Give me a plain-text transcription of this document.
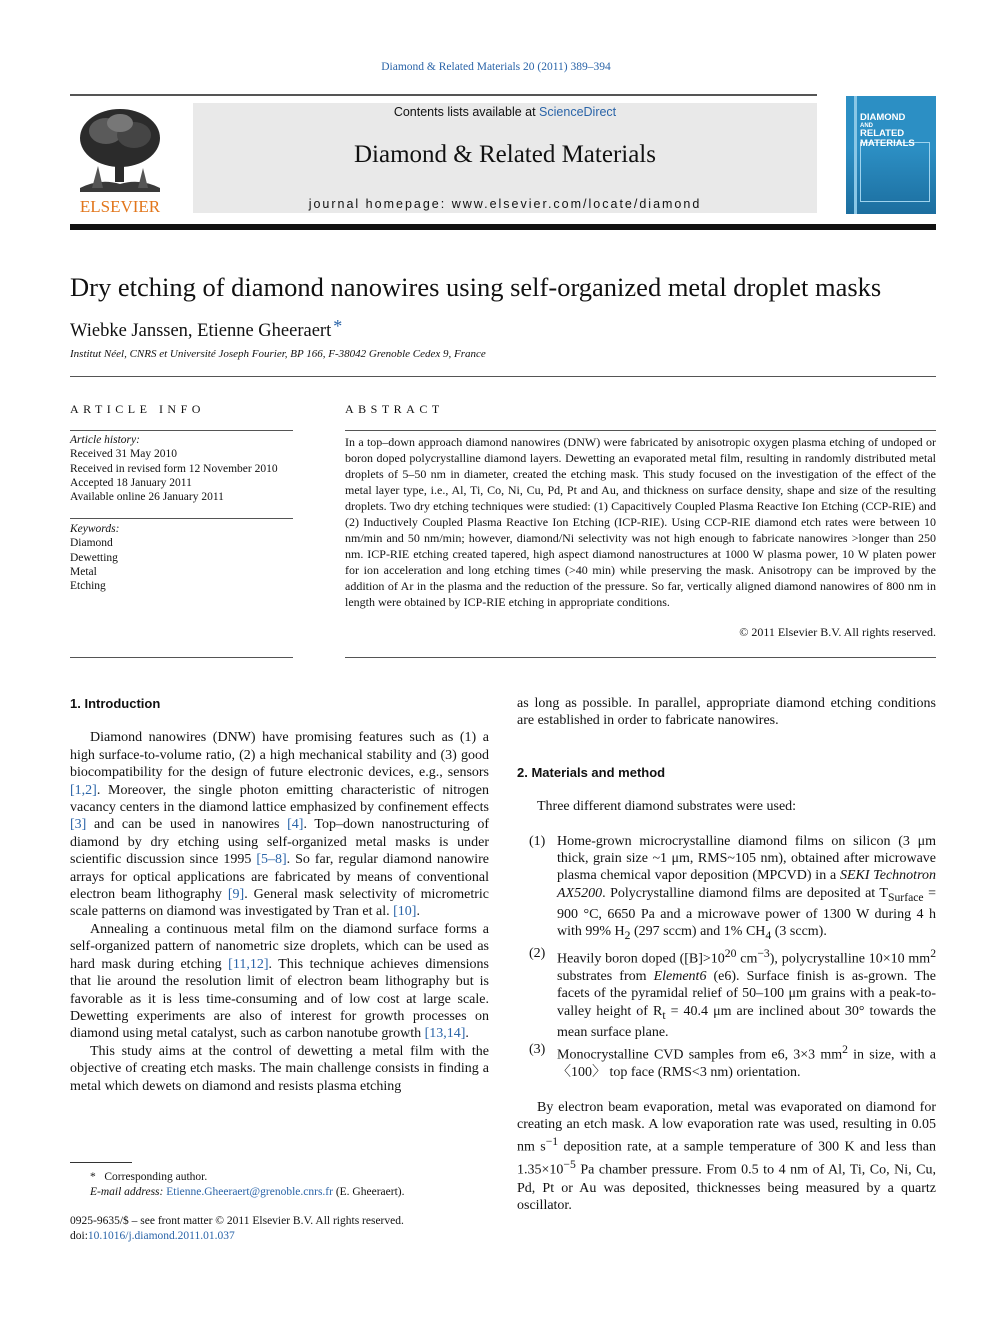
Diamond & Related Materials 20 (2011) 389–394
ELSEVIER
Contents lists available at ScienceDirect
Diamond & Related Materials
journal homepage: www.elsevier.com/locate/diamond
DIAMOND
AND
RELATED
MATERIALS
Dry etching of diamond nanowires using self-organized metal droplet masks
Wiebke Janssen, Etienne Gheeraert *
Institut Néel, CNRS et Université Joseph Fourier, BP 166, F-38042 Grenoble Cedex 9, France
ARTICLE INFO	ABSTRACT
Article history:
Received 31 May 2010
Received in revised form 12 November 2010
Accepted 18 January 2011
Available online 26 January 2011
Keywords:
Diamond
Dewetting
Metal
Etching
In a top–down approach diamond nanowires (DNW) were fabricated by anisotropic oxygen plasma etching of undoped or boron doped polycrystalline diamond layers. Dewetting an evaporated metal film, resulting in randomly distributed metal droplets of 5–50 nm in diameter, created the etching mask. This study focused on the investigation of the effect of the metal layer type, i.e., Al, Ti, Co, Ni, Cu, Pd, Pt and Au, and thickness on surface density, shape and size of the resulting droplets. Two dry etching techniques were studied: (1) Capacitively Coupled Plasma Reactive Ion Etching (CCP-RIE) and (2) Inductively Coupled Plasma Reactive Ion Etching (ICP-RIE). Using CCP-RIE diamond etch rates were between 10 nm/min and 50 nm/min; however, diamond/Ni selectivity was not high enough to fabricate nanowires >longer than 250 nm. ICP-RIE etching created tapered, high aspect diamond nanostructures at 1000 W plasma power, 10 W platen power for ion acceleration and long etching times (>40 min) while preserving the mask. Anisotropy can be improved by the addition of Ar in the plasma and the reduction of the pressure. So far, vertically aligned diamond nanowires of 800 nm in length were obtained by ICP-RIE etching in appropriate conditions.
© 2011 Elsevier B.V. All rights reserved.
1. Introduction

Diamond nanowires (DNW) have promising features such as (1) a high surface-to-volume ratio, (2) a high mechanical stability and (3) good biocompatibility for the design of future electronic devices, e.g., sensors [1,2]. Moreover, the single photon emitting characteristic of nitrogen vacancy centers in the diamond lattice emphasized by confinement effects [3] and can be used in nanowires [4]. Top–down nanostructuring of diamond by dry etching using self-organized metal masks is under scientific discussion since 1995 [5–8]. So far, regular diamond nanowire arrays for optical applications are fabricated by means of conventional electron beam lithography [9]. General mask selectivity of micrometric scale patterns on diamond was investigated by Tran et al. [10].

Annealing a continuous metal film on the diamond surface forms a self-organized pattern of nanometric size droplets, which can be used as hard mask during etching [11,12]. This technique achieves dimensions that lie around the resolution limit of electron beam lithography but is favorable as it is less time-consuming and of low cost at large scale. Dewetting experiments are also of interest for growth processes on diamond using metal catalyst, such as carbon nanotube growth [13,14].

This study aims at the control of dewetting a metal film with the objective of creating etch masks. The main challenge consists in finding a metal which dewets on diamond and resists plasma etching

as long as possible. In parallel, appropriate diamond etching conditions are established in order to fabricate nanowires.
2. Materials and method

Three different diamond substrates were used:

(1) Home-grown microcrystalline diamond films on silicon (3 μm thick, grain size ~1 μm, RMS~105 nm), obtained after microwave plasma chemical vapor deposition (MPCVD) in a SEKI Technotron AX5200. Polycrystalline diamond films are deposited at $T_{Surface} = 900$ °C, 6650 Pa and a microwave power of 1300 W during 4 h with 99% $H_2$ (297 sccm) and 1% $CH_4$ (3 sccm).
(2) Heavily boron doped ($[B]>10^{20}$ $cm^{-3}$), polycrystalline 10×10 $mm^2$ substrates from Element6 (e6). Surface finish is as-grown. The facets of the pyramidal relief of 50–100 μm grains with a peak-to-valley height of $R_t = 40.4$ μm are inclined about 30° towards the mean surface plane.
(3) Monocrystalline CVD samples from e6, 3×3 $mm^2$ in size, with a 〈100〉 top face (RMS<3 nm) orientation.

By electron beam evaporation, metal was evaporated on diamond for creating an etch mask. A low evaporation rate was used, resulting in 0.05 nm $s^{-1}$ deposition rate, at a sample temperature of 300 K and less than $1.35\times 10^{-5}$ Pa chamber pressure. From 0.5 to 4 nm of Al, Ti, Co, Ni, Cu, Pd, Pt or Au was deposited, thicknesses being measured by a quartz oscillator.

* Corresponding author.
E-mail address: Etienne.Gheeraert@grenoble.cnrs.fr (E. Gheeraert).
0925-9635/$ – see front matter © 2011 Elsevier B.V. All rights reserved.
doi:10.1016/j.diamond.2011.01.037
